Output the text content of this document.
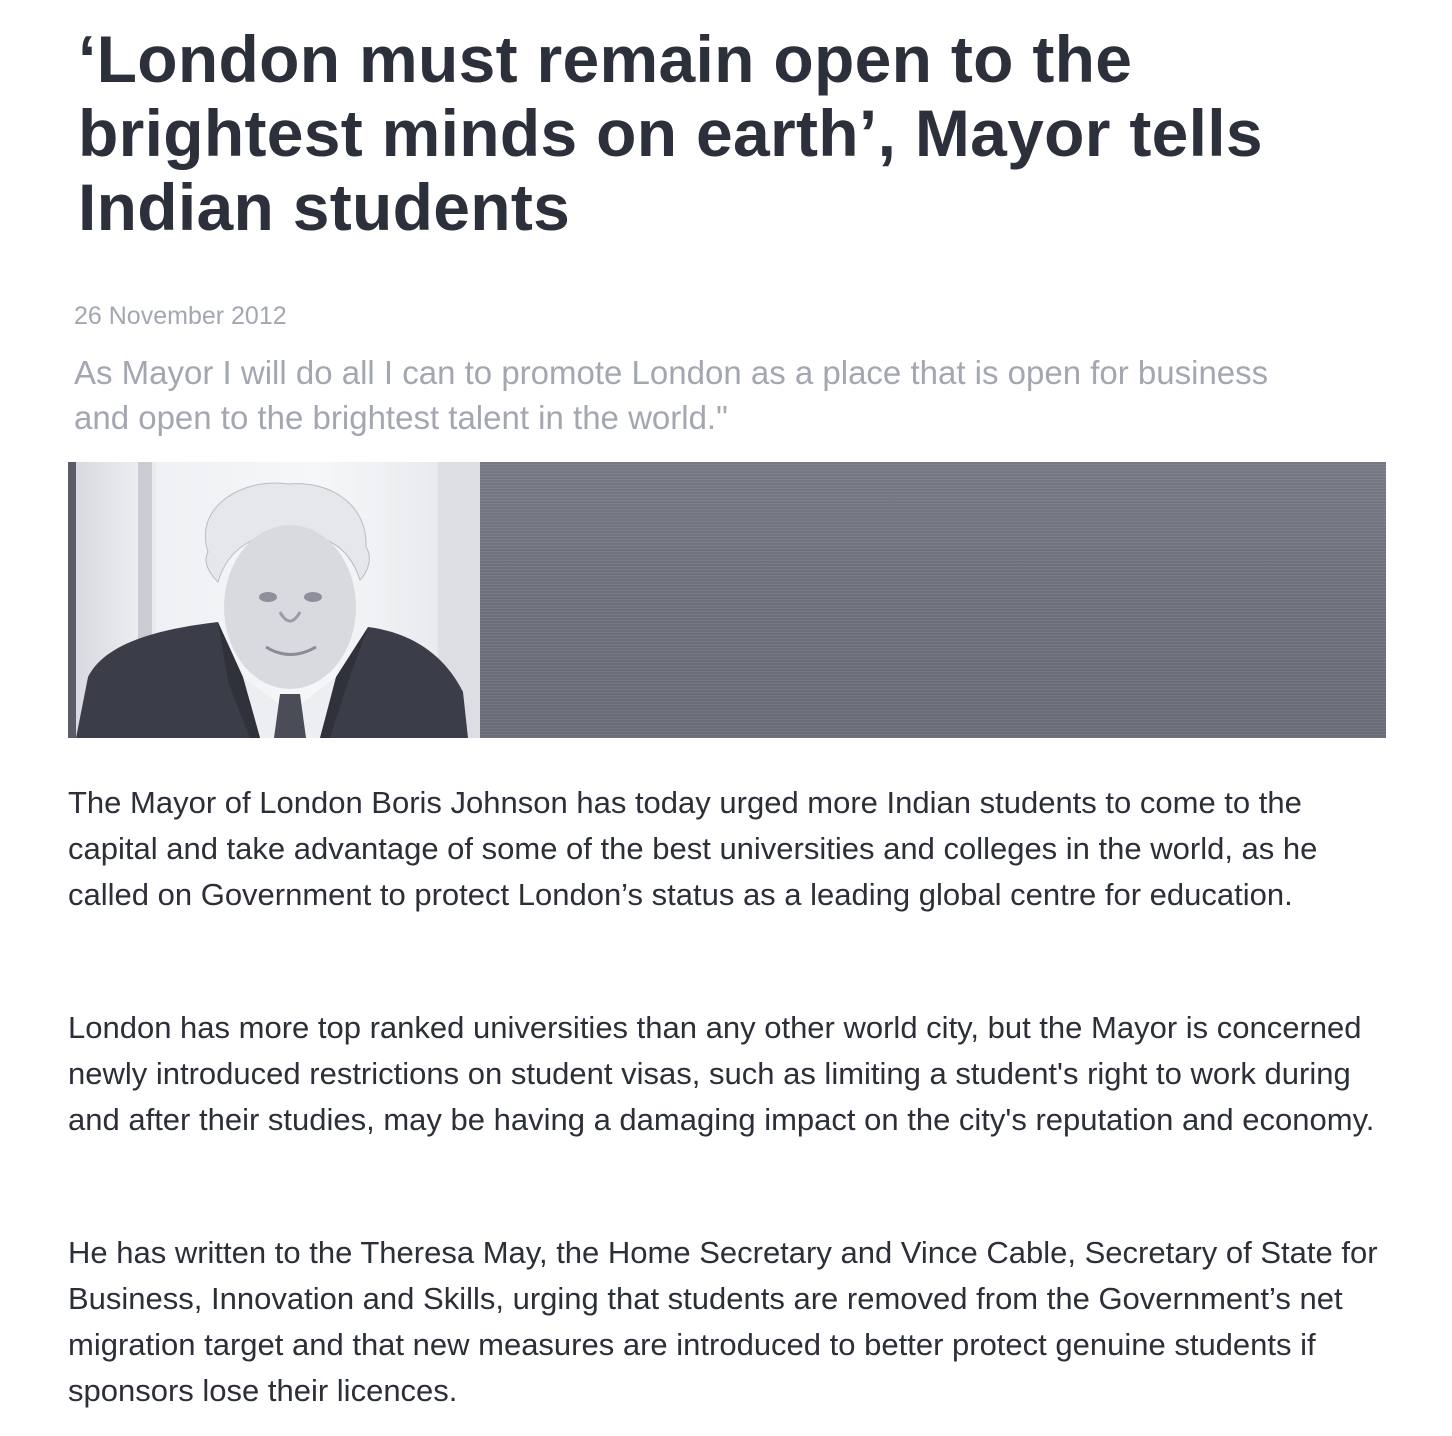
‘London must remain open to the brightest minds on earth’, Mayor tells Indian students
26 November 2012

As Mayor I will do all I can to promote London as a place that is open for business and open to the brightest talent in the world."

The Mayor of London Boris Johnson has today urged more Indian students to come to the capital and take advantage of some of the best universities and colleges in the world, as he called on Government to protect London’s status as a leading global centre for education.

London has more top ranked universities than any other world city, but the Mayor is concerned newly introduced restrictions on student visas, such as limiting a student's right to work during and after their studies, may be having a damaging impact on the city's reputation and economy.

He has written to the Theresa May, the Home Secretary and Vince Cable, Secretary of State for Business, Innovation and Skills, urging that students are removed from the Government’s net migration target and that new measures are introduced to better protect genuine students if sponsors lose their licences.
